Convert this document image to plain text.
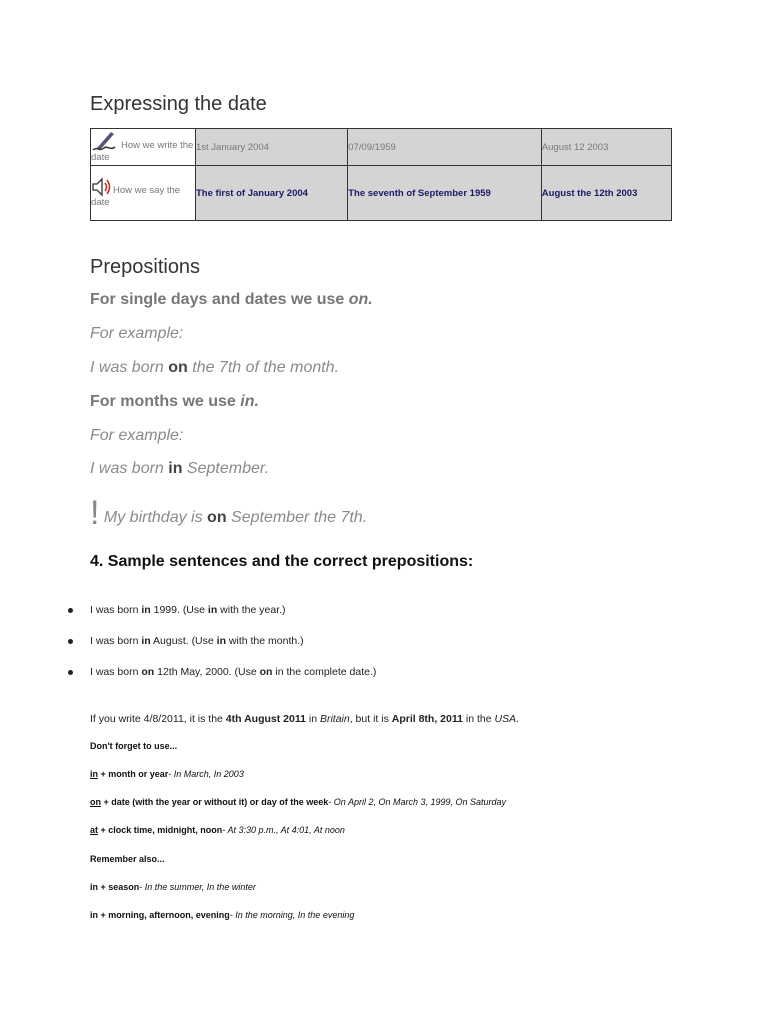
Expressing the date
How we write the date	1st January 2004	07/09/1959	August 12 2003
How we say the date	The first of January 2004	The seventh of September 1959	August the 12th 2003
Prepositions
For single days and dates we use on.
For example:
I was born on the 7th of the month.
For months we use in.
For example:
I was born in September.
! My birthday is on September the 7th.
4. Sample sentences and the correct prepositions:
I was born in 1999. (Use in with the year.)
I was born in August. (Use in with the month.)
I was born on 12th May, 2000. (Use on in the complete date.)
If you write 4/8/2011, it is the 4th August 2011 in Britain, but it is April 8th, 2011 in the USA.
Don't forget to use...
in + month or year- In March, In 2003
on + date (with the year or without it) or day of the week- On April 2, On March 3, 1999, On Saturday
at + clock time, midnight, noon- At 3:30 p.m., At 4:01, At noon
Remember also...
in + season- In the summer, In the winter
in + morning, afternoon, evening- In the morning, In the evening
